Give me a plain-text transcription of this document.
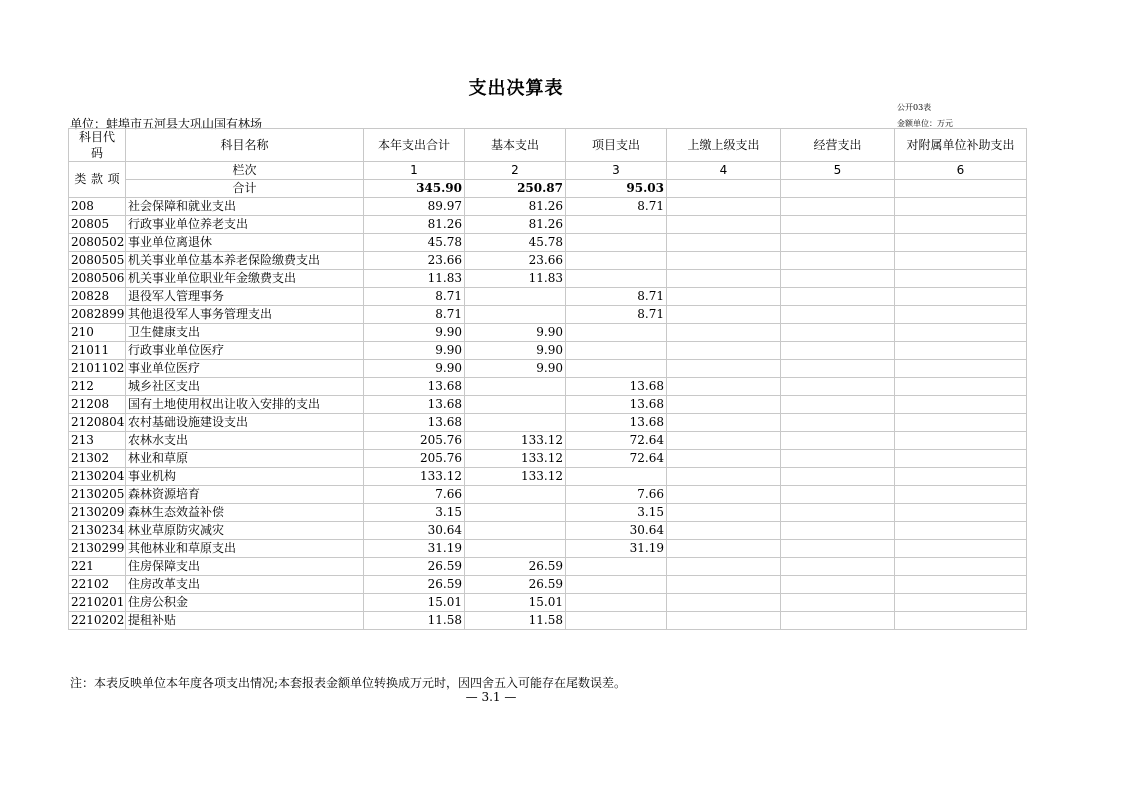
支出决算表
公开03表
单位：蚌埠市五河县大巩山国有林场	金额单位：万元
科目代码	科目名称	本年支出合计	基本支出	项目支出	上缴上级支出	经营支出	对附属单位补助支出

类 款 项	栏次	1	2	3	4	5	6
	合计	345.90	250.87	95.03			
208	社会保障和就业支出	89.97	81.26	8.71			
20805	行政事业单位养老支出	81.26	81.26				
2080502	事业单位离退休	45.78	45.78				
2080505	机关事业单位基本养老保险缴费支出	23.66	23.66				
2080506	机关事业单位职业年金缴费支出	11.83	11.83				
20828	退役军人管理事务	8.71		8.71			
2082899	其他退役军人事务管理支出	8.71		8.71			
210	卫生健康支出	9.90	9.90				
21011	行政事业单位医疗	9.90	9.90				
2101102	事业单位医疗	9.90	9.90				
212	城乡社区支出	13.68		13.68			
21208	国有土地使用权出让收入安排的支出	13.68		13.68			
2120804	农村基础设施建设支出	13.68		13.68			
213	农林水支出	205.76	133.12	72.64			
21302	林业和草原	205.76	133.12	72.64			
2130204	事业机构	133.12	133.12				
2130205	森林资源培育	7.66		7.66			
2130209	森林生态效益补偿	3.15		3.15			
2130234	林业草原防灾减灾	30.64		30.64			
2130299	其他林业和草原支出	31.19		31.19			
221	住房保障支出	26.59	26.59				
22102	住房改革支出	26.59	26.59				
2210201	住房公积金	15.01	15.01				
2210202	提租补贴	11.58	11.58				
注：本表反映单位本年度各项支出情况;本套报表金额单位转换成万元时，因四舍五入可能存在尾数误差。
— 3.1 —
